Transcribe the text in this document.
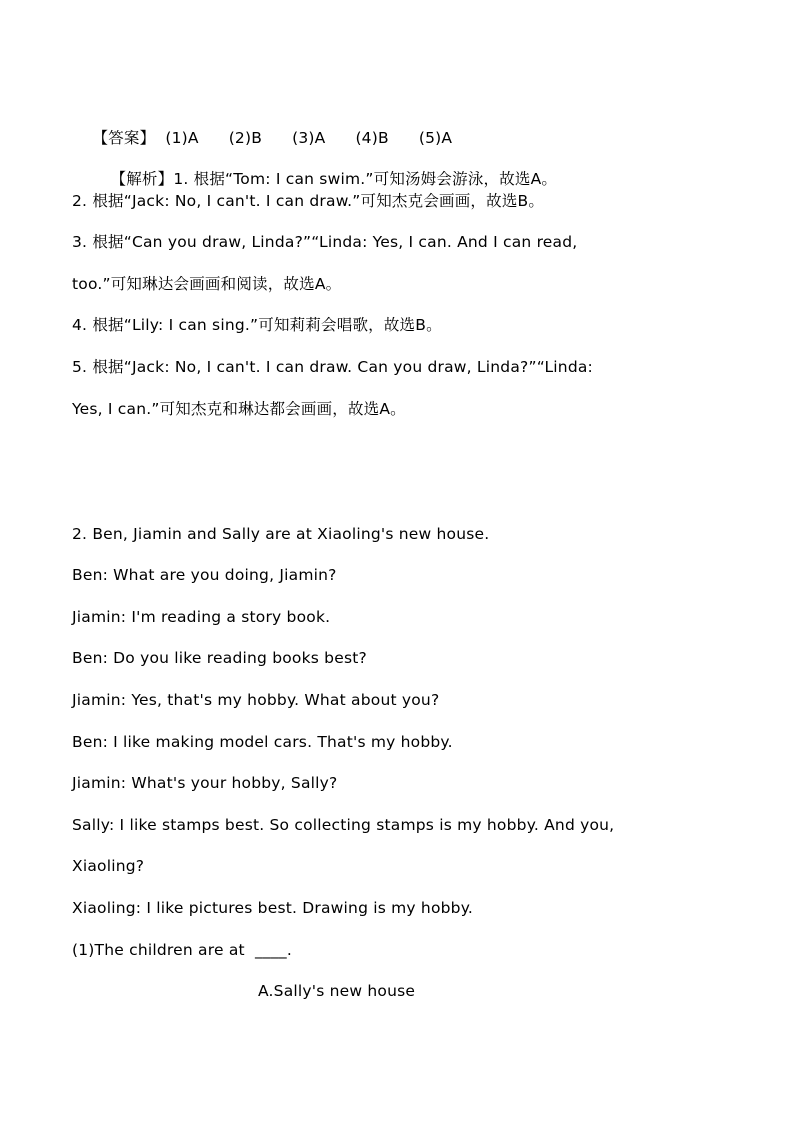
【答案】 (1)A (2)B (3)A (4)B (5)A

【解析】1. 根据“Tom: I can swim.”可知汤姆会游泳，故选A。

2. 根据“Jack: No, I can't. I can draw.”可知杰克会画画，故选B。
3. 根据“Can you draw, Linda?”“Linda: Yes, I can. And I can read,
too.”可知琳达会画画和阅读，故选A。
4. 根据“Lily: I can sing.”可知莉莉会唱歌，故选B。
5. 根据“Jack: No, I can't. I can draw. Can you draw, Linda?”“Linda:
Yes, I can.”可知杰克和琳达都会画画，故选A。
2. Ben, Jiamin and Sally are at Xiaoling's new house.
Ben: What are you doing, Jiamin?
Jiamin: I'm reading a story book.
Ben: Do you like reading books best?
Jiamin: Yes, that's my hobby. What about you?
Ben: I like making model cars. That's my hobby.
Jiamin: What's your hobby, Sally?
Sally: I like stamps best. So collecting stamps is my hobby. And you,
Xiaoling?
Xiaoling: I like pictures best. Drawing is my hobby.
(1)The children are at  ____.
A.Sally's new house
